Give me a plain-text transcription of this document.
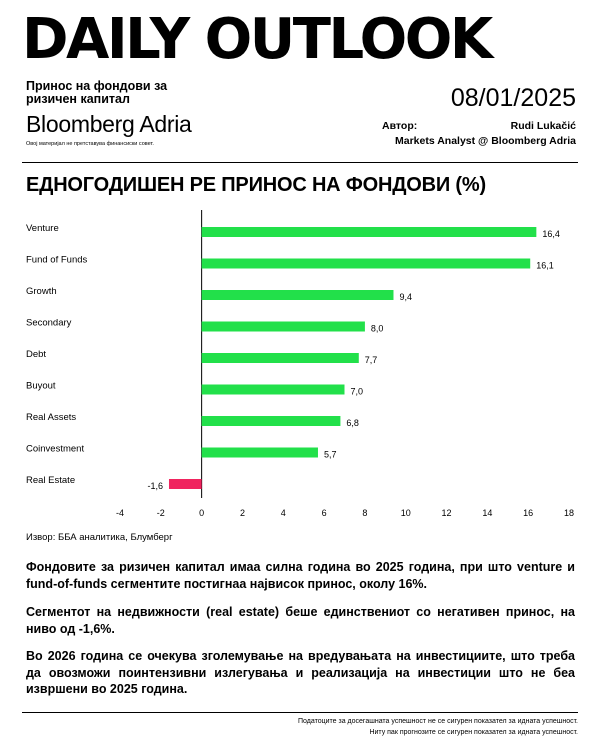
DAILY OUTLOOK
Принос на фондови за ризичен капитал	08/01/2025
Bloomberg Adria
Овој материјал не претставува финансиски совет.
Автор:	Rudi Lukačić
Markets Analyst @ Bloomberg Adria
ЕДНОГОДИШЕН PE ПРИНОС НА ФОНДОВИ (%)
Venture	16,4
Fund of Funds	16,1
Growth	9,4
Secondary	8,0
Debt	7,7
Buyout	7,0
Real Assets	6,8
Coinvestment	5,7
Real Estate	-1,6
-4	-2	0	2	4	6	8	10	12	14	16	18
Извор: ББА аналитика, Блумберг

Фондовите за ризичен капитал имаа силна година во 2025 година, при што venture и fund-of-funds сегментите постигнаа највисок принос, околу 16%.

Сегментот на недвижности (real estate) беше единствениот со негативен принос, на ниво од -1,6%.

Во 2026 година се очекува зголемување на вредувањата на инвестициите, што треба да овозможи поинтензивни излегувања и реализација на инвестиции што не беа извршени во 2025 година.

Податоците за досегашната успешност не се сигурен показател за идната успешност.
Ниту пак прогнозите се сигурен показател за идната успешност.
